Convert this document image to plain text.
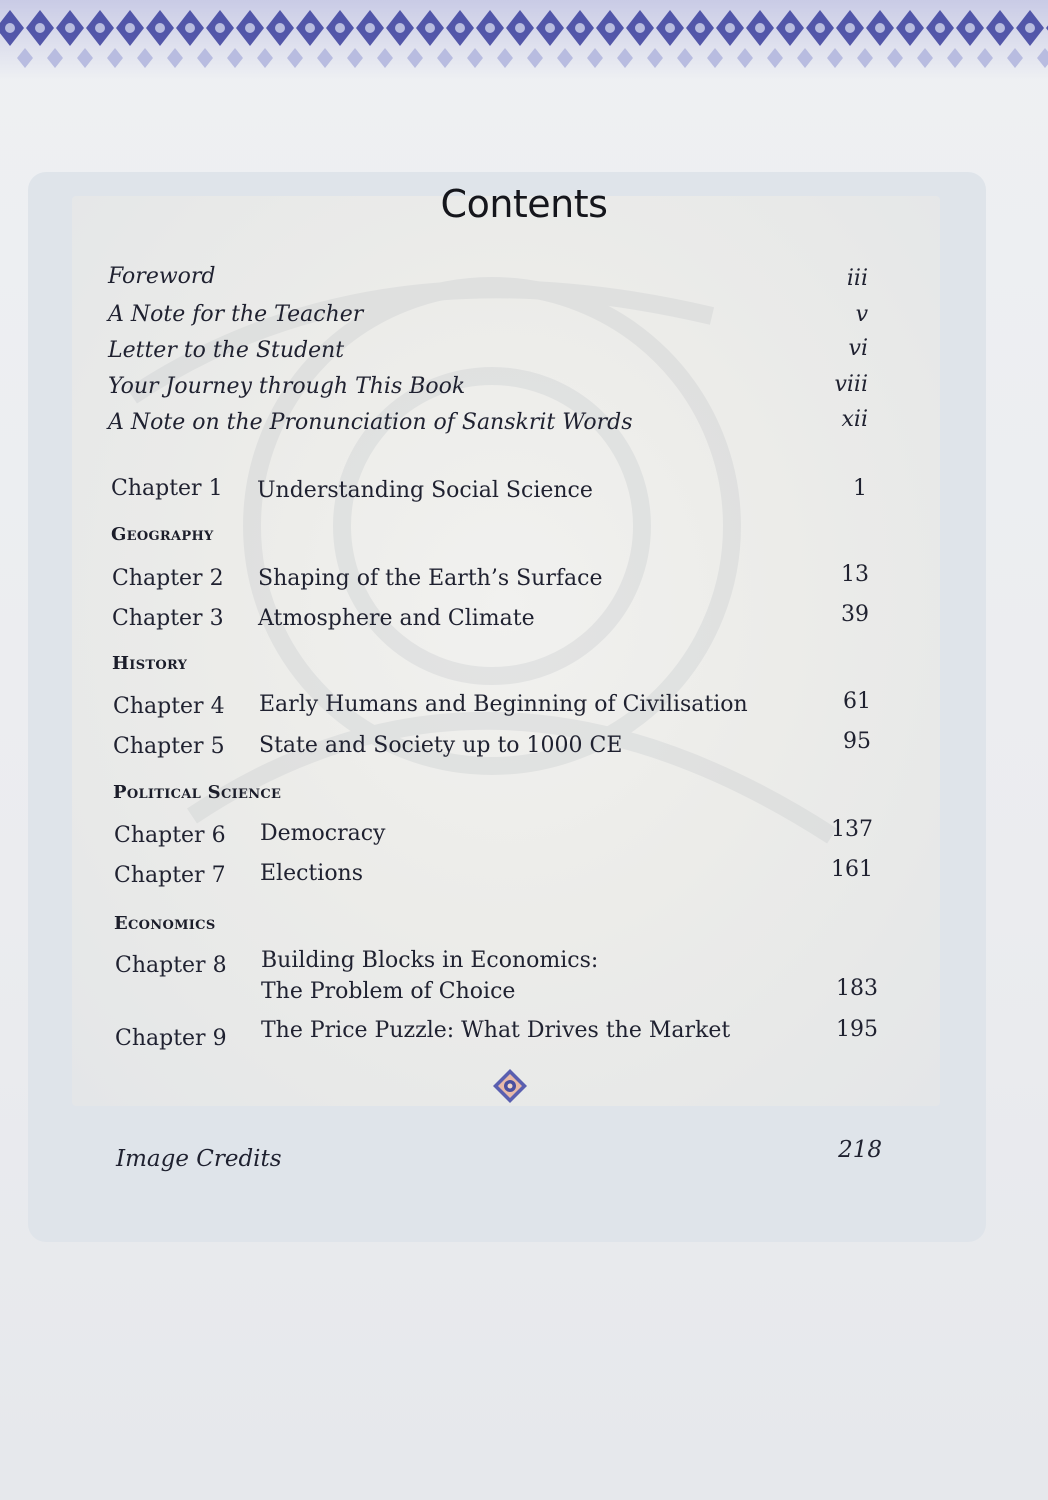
Contents
Foreword	iii
A Note for the Teacher	v
Letter to the Student	vi
Your Journey through This Book	viii
A Note on the Pronunciation of Sanskrit Words	xii
Chapter 1 Understanding Social Science	1
Geography
Chapter 2 Shaping of the Earth’s Surface	13
Chapter 3 Atmosphere and Climate	39
History
Chapter 4 Early Humans and Beginning of Civilisation	61
Chapter 5 State and Society up to 1000 CE	95
Political Science
Chapter 6 Democracy	137
Chapter 7 Elections	161
Economics
Chapter 8 Building Blocks in Economics:
The Problem of Choice	183
Chapter 9 The Price Puzzle: What Drives the Market	195
Image Credits	218
